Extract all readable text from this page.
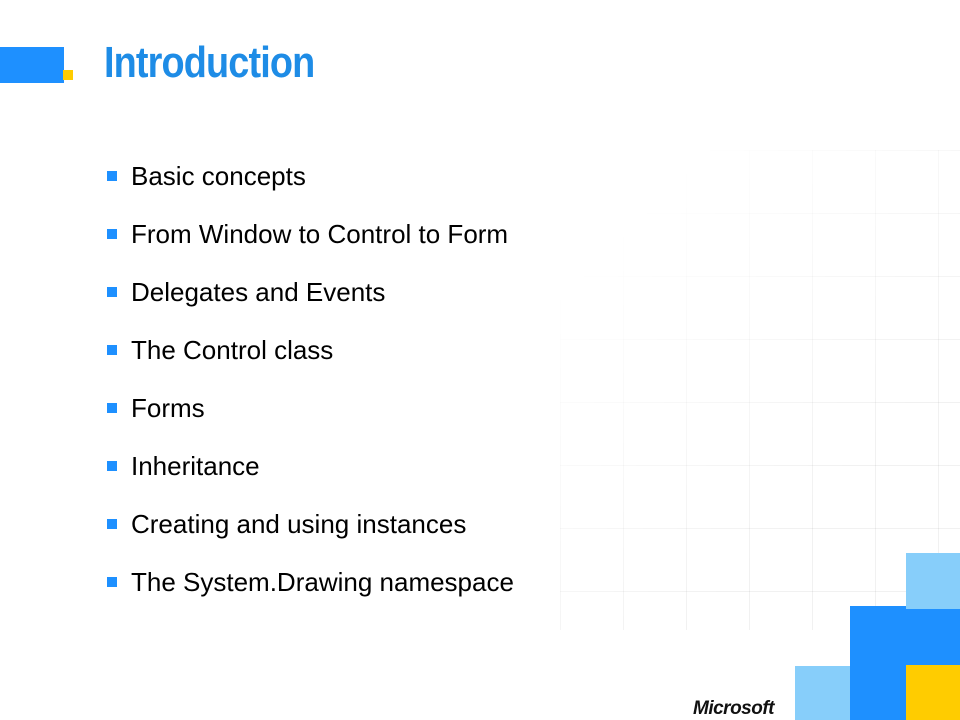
Introduction
Basic concepts
From Window to Control to Form
Delegates and Events
The Control class
Forms
Inheritance
Creating and using instances
The System.Drawing namespace
Microsoft
